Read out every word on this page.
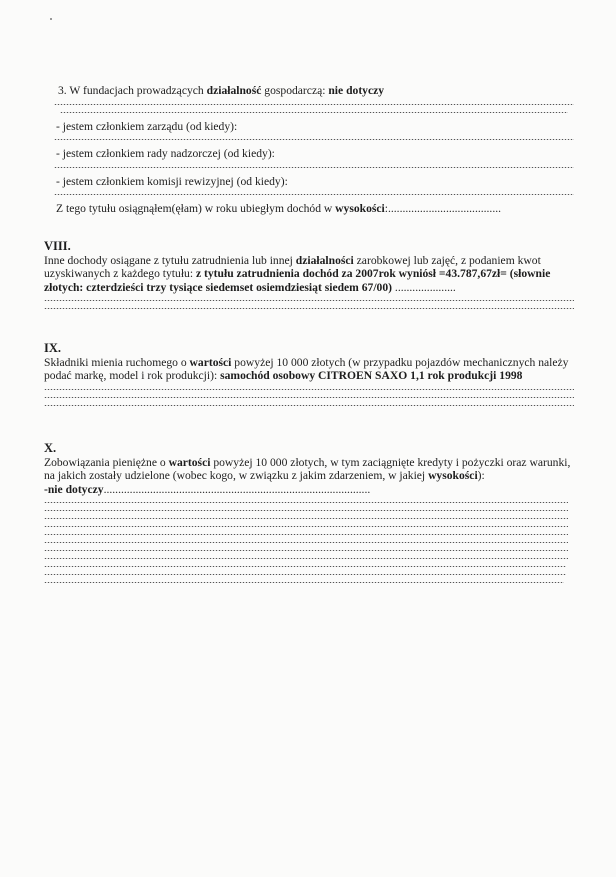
3. W fundacjach prowadzących działalność gospodarczą: nie dotyczy
- jestem członkiem zarządu (od kiedy):
- jestem członkiem rady nadzorczej (od kiedy):
- jestem członkiem komisji rewizyjnej (od kiedy):
Z tego tytułu osiągnąłem(ęłam) w roku ubiegłym dochód w wysokości:.......................................
VIII.
Inne dochody osiągane z tytułu zatrudnienia lub innej działalności zarobkowej lub zajęć, z podaniem kwot uzyskiwanych z każdego tytułu: z tytułu zatrudnienia dochód za 2007rok wyniósł =43.787,67zł= (słownie złotych: czterdzieści trzy tysiące siedemset osiemdziesiąt siedem 67/00) .....................
IX.
Składniki mienia ruchomego o wartości powyżej 10 000 złotych (w przypadku pojazdów mechanicznych należy podać markę, model i rok produkcji): samochód osobowy CITROEN SAXO 1,1 rok produkcji 1998
X.
Zobowiązania pieniężne o wartości powyżej 10 000 złotych, w tym zaciągnięte kredyty i pożyczki oraz warunki, na jakich zostały udzielone (wobec kogo, w związku z jakim zdarzeniem, w jakiej wysokości):
-nie dotyczy............................................................................................
